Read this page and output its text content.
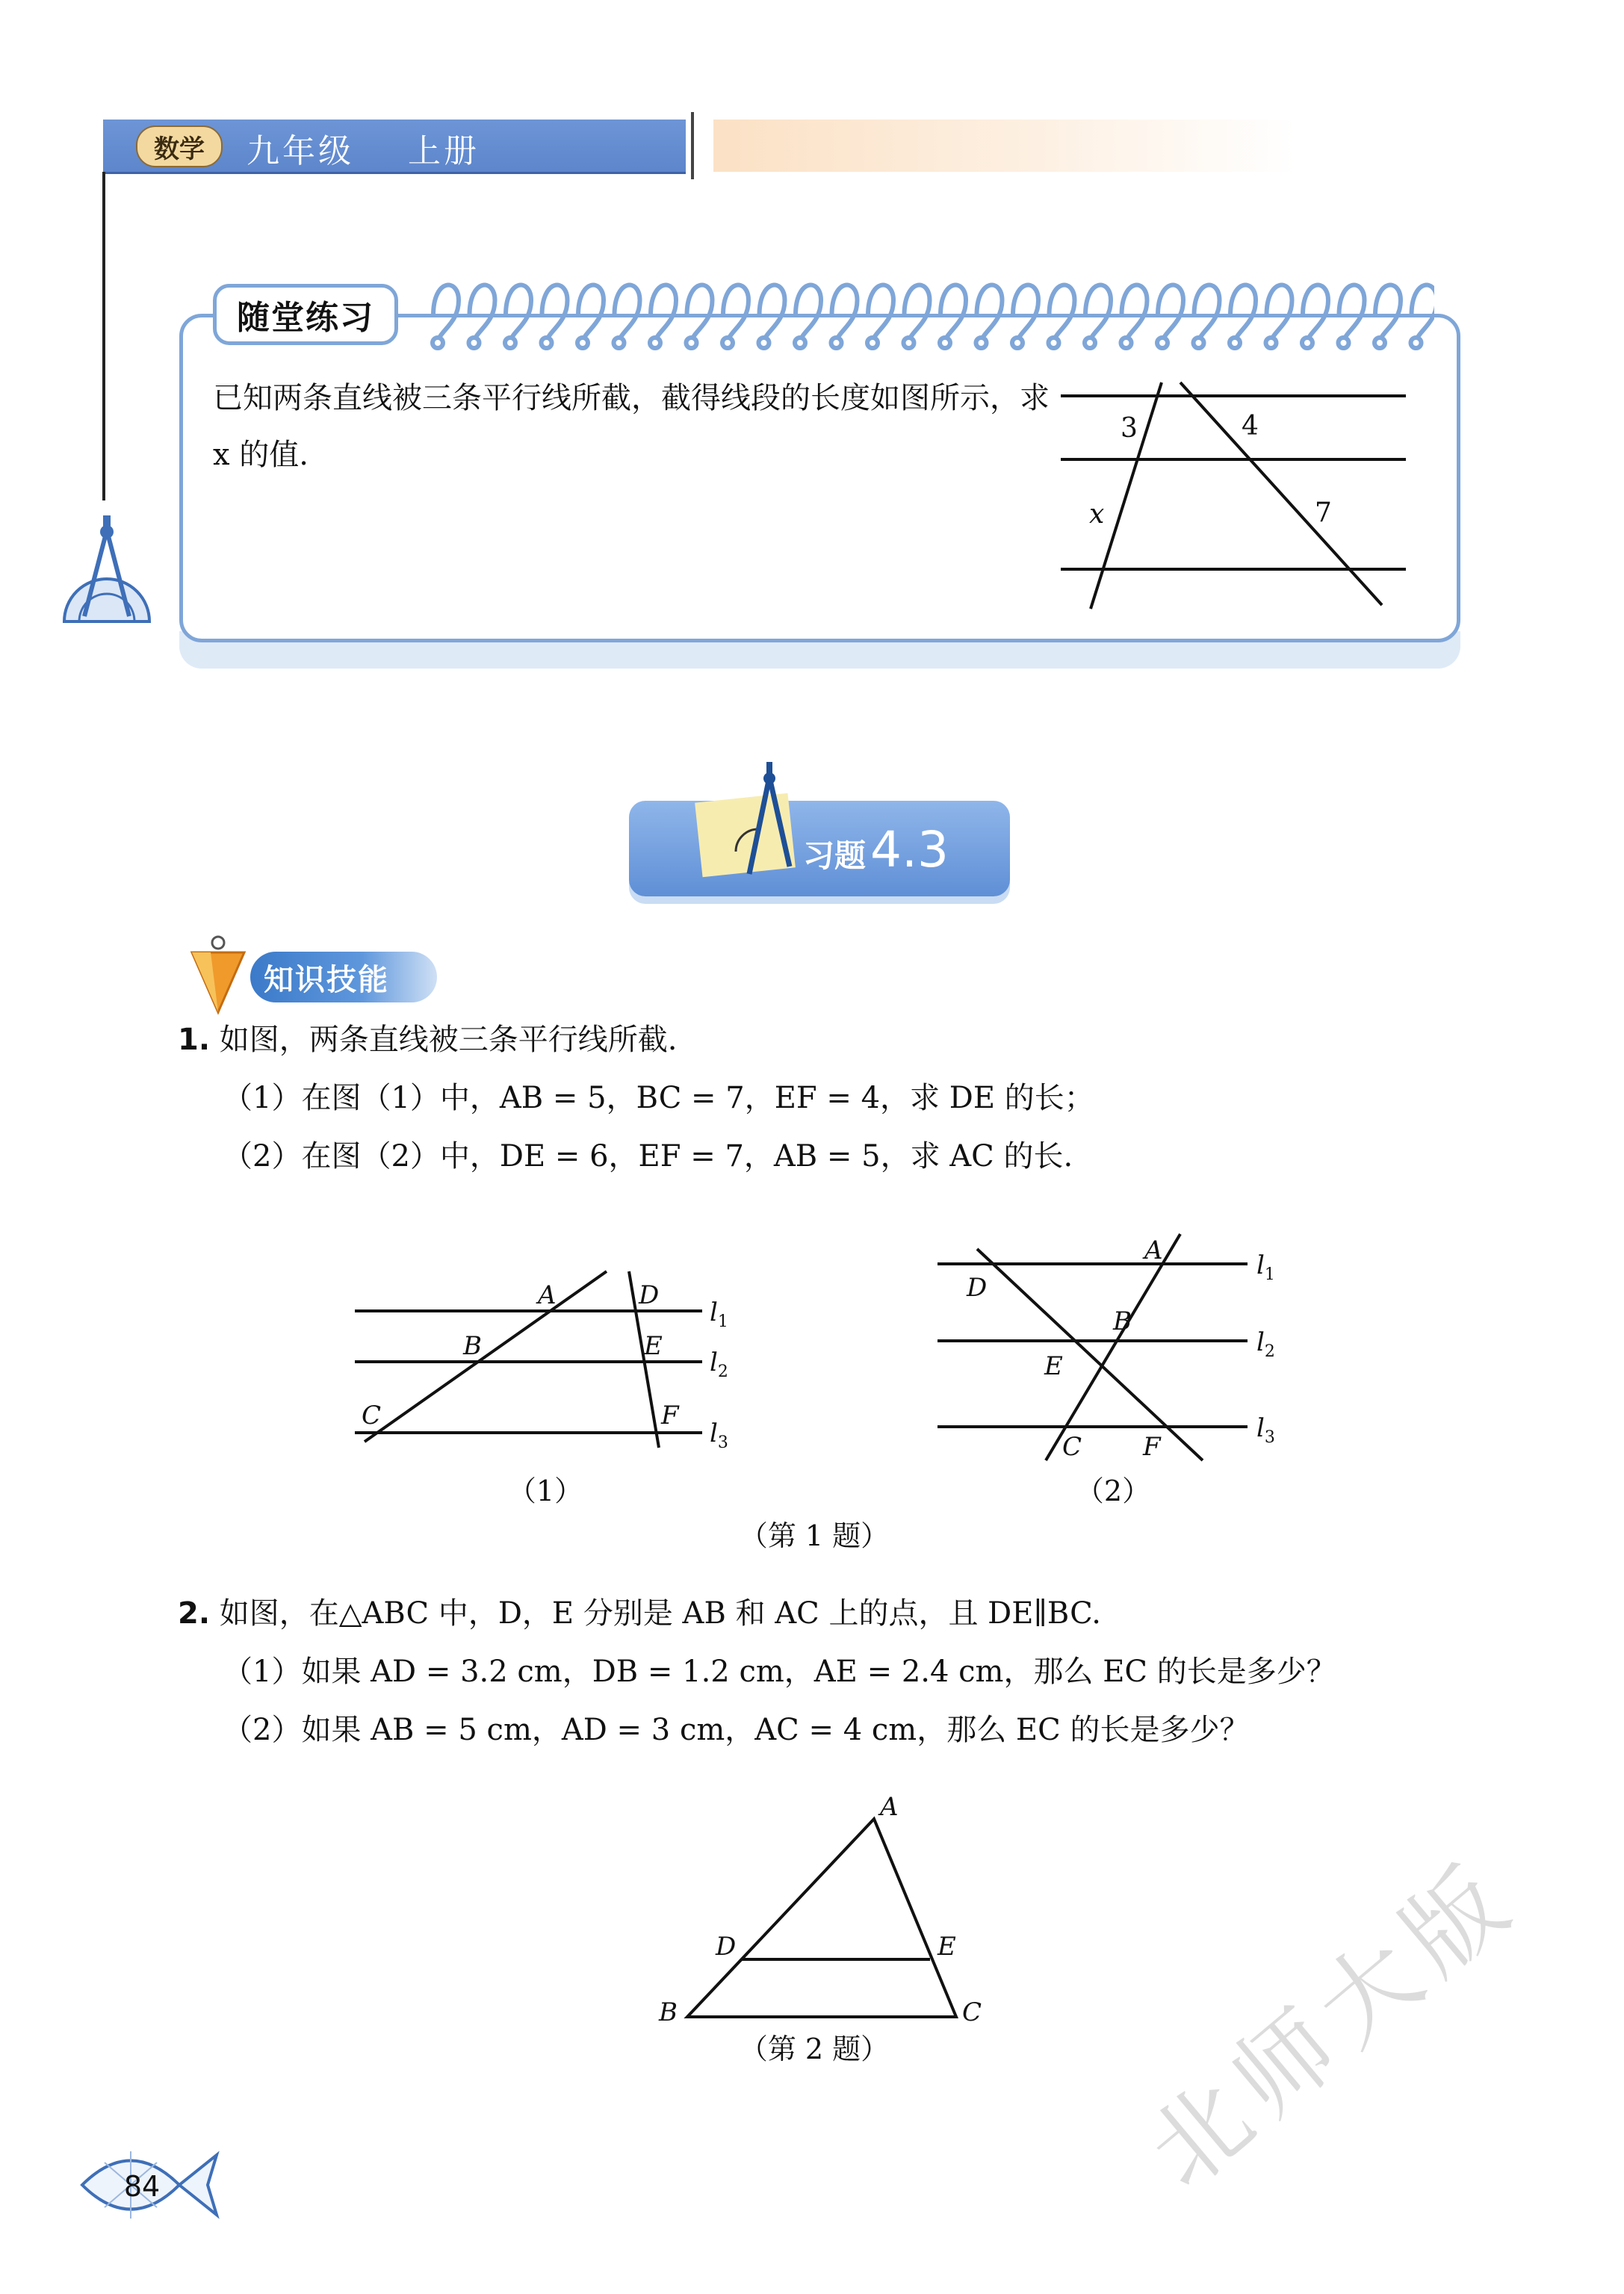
数学	九年级    上册
随堂练习
已知两条直线被三条平行线所截，截得线段的长度如图所示，求 x 的值.
3	4
x	7
习题4.3
知识技能
1. 如图，两条直线被三条平行线所截.
（1）在图（1）中，AB = 5，BC = 7，EF = 4，求 DE 的长；
（2）在图（2）中，DE = 6，EF = 7，AB = 5，求 AC 的长.
A	D
B	E
C	F
$l_1$
$l_2$
$l_3$
（1）
A
D
B
E
C F
$l_1$
$l_2$
$l_3$
（2）
（第 1 题）
2. 如图，在△ABC 中，D，E 分别是 AB 和 AC 上的点，且 DE∥BC.
（1）如果 AD = 3.2 cm，DB = 1.2 cm，AE = 2.4 cm，那么 EC 的长是多少？
（2）如果 AB = 5 cm，AD = 3 cm，AC = 4 cm，那么 EC 的长是多少？
A
D	E
B	C
（第 2 题）
84	北师大版
